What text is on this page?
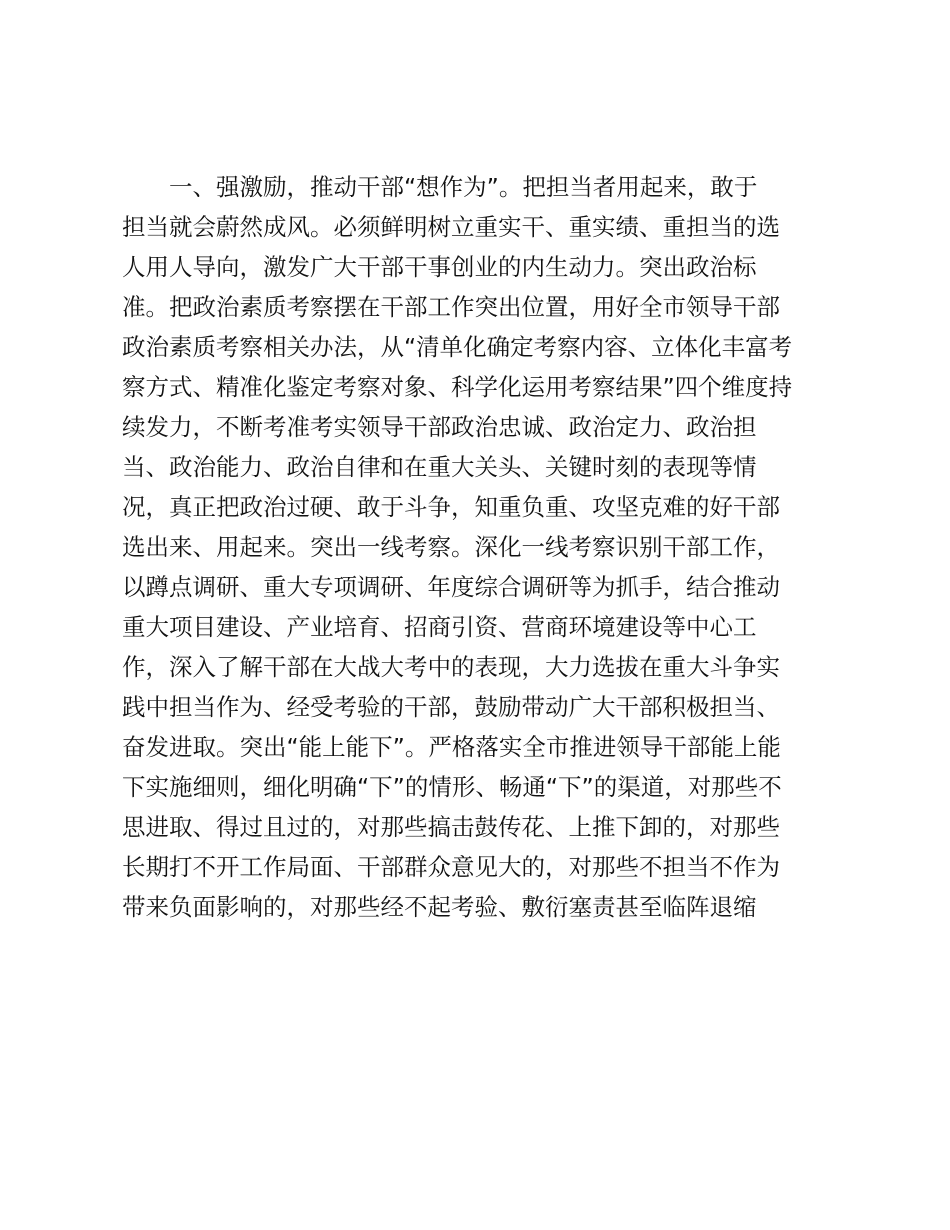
　　一、强激励，推动干部“想作为”。把担当者用起来，敢于
担当就会蔚然成风。必须鲜明树立重实干、重实绩、重担当的选
人用人导向，激发广大干部干事创业的内生动力。突出政治标
准。把政治素质考察摆在干部工作突出位置，用好全市领导干部
政治素质考察相关办法，从“清单化确定考察内容、立体化丰富考
察方式、精准化鉴定考察对象、科学化运用考察结果”四个维度持
续发力，不断考准考实领导干部政治忠诚、政治定力、政治担
当、政治能力、政治自律和在重大关头、关键时刻的表现等情
况，真正把政治过硬、敢于斗争，知重负重、攻坚克难的好干部
选出来、用起来。突出一线考察。深化一线考察识别干部工作，
以蹲点调研、重大专项调研、年度综合调研等为抓手，结合推动
重大项目建设、产业培育、招商引资、营商环境建设等中心工
作，深入了解干部在大战大考中的表现，大力选拔在重大斗争实
践中担当作为、经受考验的干部，鼓励带动广大干部积极担当、
奋发进取。突出“能上能下”。严格落实全市推进领导干部能上能
下实施细则，细化明确“下”的情形、畅通“下”的渠道，对那些不
思进取、得过且过的，对那些搞击鼓传花、上推下卸的，对那些
长期打不开工作局面、干部群众意见大的，对那些不担当不作为
带来负面影响的，对那些经不起考验、敷衍塞责甚至临阵退缩
